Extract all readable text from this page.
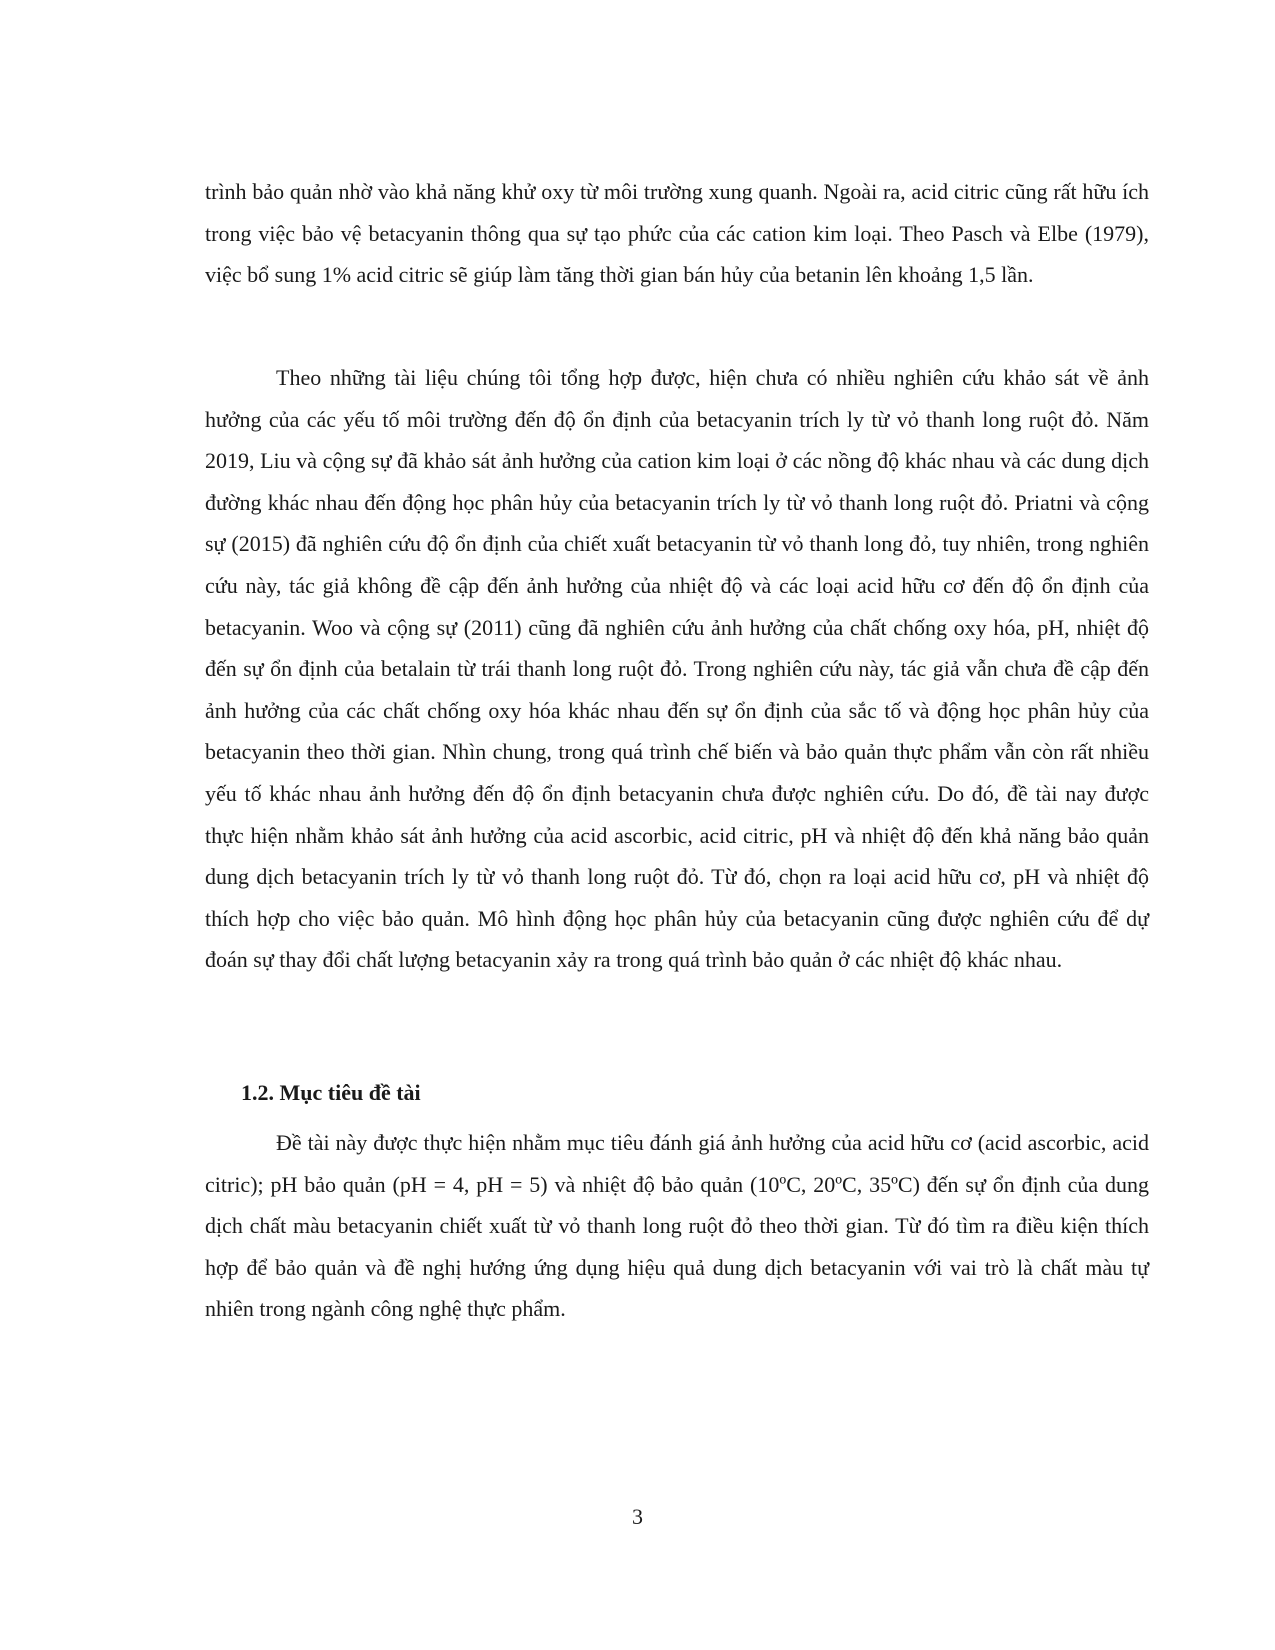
trình bảo quản nhờ vào khả năng khử oxy từ môi trường xung quanh. Ngoài ra, acid citric cũng rất hữu ích trong việc bảo vệ betacyanin thông qua sự tạo phức của các cation kim loại. Theo Pasch và Elbe (1979), việc bổ sung 1% acid citric sẽ giúp làm tăng thời gian bán hủy của betanin lên khoảng 1,5 lần.

Theo những tài liệu chúng tôi tổng hợp được, hiện chưa có nhiều nghiên cứu khảo sát về ảnh hưởng của các yếu tố môi trường đến độ ổn định của betacyanin trích ly từ vỏ thanh long ruột đỏ. Năm 2019, Liu và cộng sự đã khảo sát ảnh hưởng của cation kim loại ở các nồng độ khác nhau và các dung dịch đường khác nhau đến động học phân hủy của betacyanin trích ly từ vỏ thanh long ruột đỏ. Priatni và cộng sự (2015) đã nghiên cứu độ ổn định của chiết xuất betacyanin từ vỏ thanh long đỏ, tuy nhiên, trong nghiên cứu này, tác giả không đề cập đến ảnh hưởng của nhiệt độ và các loại acid hữu cơ đến độ ổn định của betacyanin. Woo và cộng sự (2011) cũng đã nghiên cứu ảnh hưởng của chất chống oxy hóa, pH, nhiệt độ đến sự ổn định của betalain từ trái thanh long ruột đỏ. Trong nghiên cứu này, tác giả vẫn chưa đề cập đến ảnh hưởng của các chất chống oxy hóa khác nhau đến sự ổn định của sắc tố và động học phân hủy của betacyanin theo thời gian. Nhìn chung, trong quá trình chế biến và bảo quản thực phẩm vẫn còn rất nhiều yếu tố khác nhau ảnh hưởng đến độ ổn định betacyanin chưa được nghiên cứu. Do đó, đề tài nay được thực hiện nhằm khảo sát ảnh hưởng của acid ascorbic, acid citric, pH và nhiệt độ đến khả năng bảo quản dung dịch betacyanin trích ly từ vỏ thanh long ruột đỏ. Từ đó, chọn ra loại acid hữu cơ, pH và nhiệt độ thích hợp cho việc bảo quản. Mô hình động học phân hủy của betacyanin cũng được nghiên cứu để dự đoán sự thay đổi chất lượng betacyanin xảy ra trong quá trình bảo quản ở các nhiệt độ khác nhau.

1.2. Mục tiêu đề tài

Đề tài này được thực hiện nhằm mục tiêu đánh giá ảnh hưởng của acid hữu cơ (acid ascorbic, acid citric); pH bảo quản (pH = 4, pH = 5) và nhiệt độ bảo quản (10ºC, 20ºC, 35ºC) đến sự ổn định của dung dịch chất màu betacyanin chiết xuất từ vỏ thanh long ruột đỏ theo thời gian. Từ đó tìm ra điều kiện thích hợp để bảo quản và đề nghị hướng ứng dụng hiệu quả dung dịch betacyanin với vai trò là chất màu tự nhiên trong ngành công nghệ thực phẩm.

3
